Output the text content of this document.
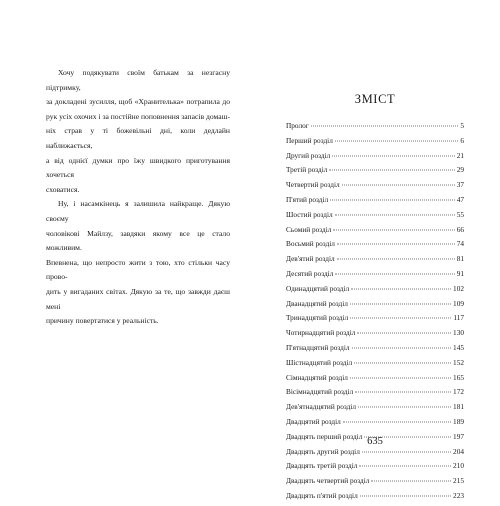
Хочу подякувати своїм батькам за незгасну підтримку,

за докладені зусилля, щоб «Хранителька» потрапила до

рук усіх охочих і за постійне поповнення запасів домаш-

ніх страв у ті божевільні дні, коли дедлайн наближається,

а від однієї думки про їжу швидкого приготування хочеться

сховатися.

Ну, і насамкінець я залишила найкраще. Дякую своєму

чоловікові Майлзу, завдяки якому все це стало можливим.

Впевнена, що непросто жити з тою, хто стільки часу прово-

дить у вигаданих світах. Дякую за те, що завжди даєш мені

причину повертатися у реальність.

ЗМІСТ
Пролог	5
Перший розділ	6
Другий розділ	21
Третій розділ	29
Четвертий розділ	37
П'ятий розділ	47
Шостий розділ	55
Сьомий розділ	66
Восьмий розділ	74
Дев'ятий розділ	81
Десятий розділ	91
Одинадцятий розділ	102
Дванадцятий розділ	109
Тринадцятий розділ	117
Чотирнадцятий розділ	130
П'ятнадцятий розділ	145
Шістнадцятий розділ	152
Сімнадцятий розділ	165
Вісімнадцятий розділ	172
Дев'ятнадцятий розділ	181
Двадцятий розділ	189
Двадцять перший розділ	197
Двадцять другий розділ	204
Двадцять третій розділ	210
Двадцять четвертий розділ	215
Двадцять п'ятий розділ	223
635
